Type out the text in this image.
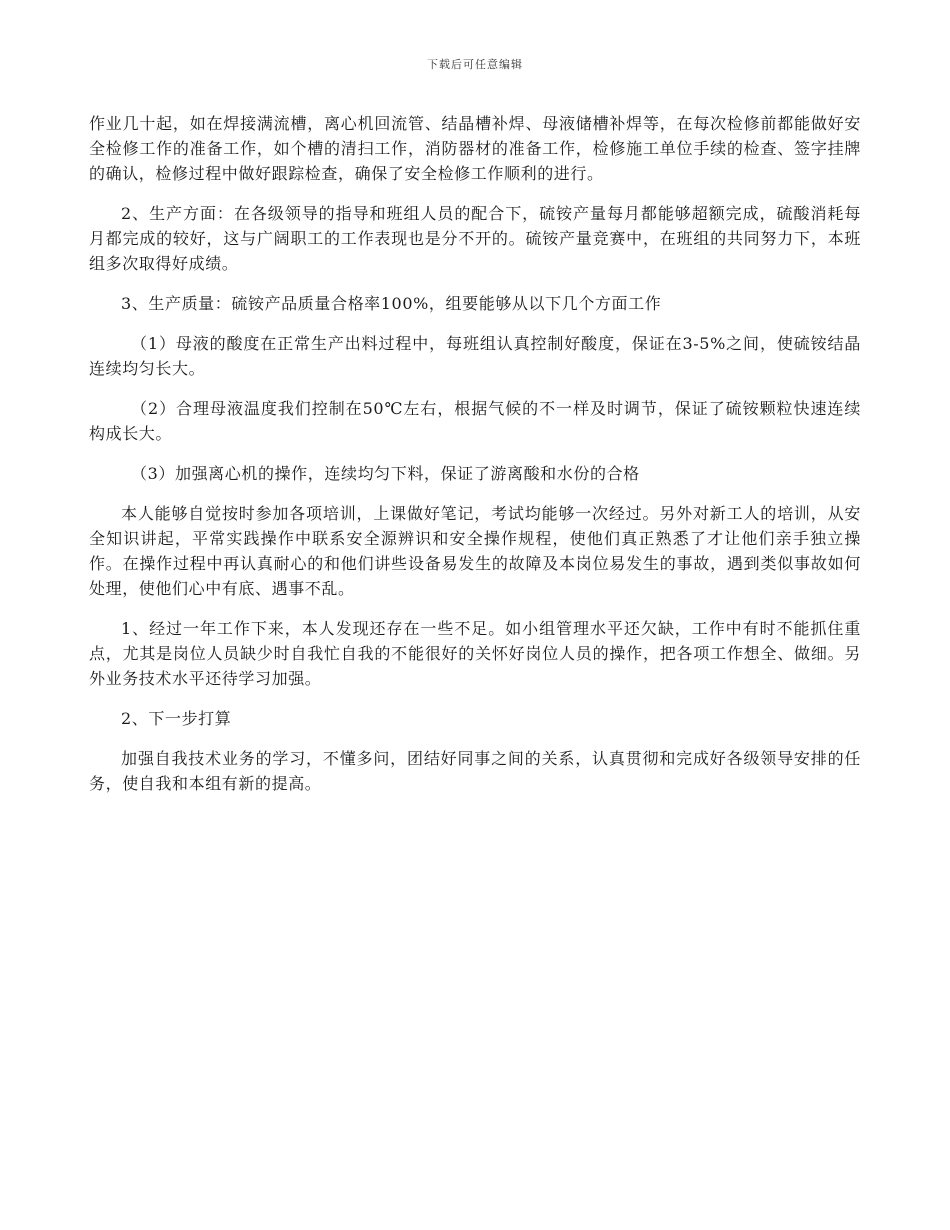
下载后可任意编辑

作业几十起，如在焊接满流槽，离心机回流管、结晶槽补焊、母液储槽补焊等，在每次检修前都能做好安全检修工作的准备工作，如个槽的清扫工作，消防器材的准备工作，检修施工单位手续的检查、签字挂牌的确认，检修过程中做好跟踪检查，确保了安全检修工作顺利的进行。

2、生产方面：在各级领导的指导和班组人员的配合下，硫铵产量每月都能够超额完成，硫酸消耗每月都完成的较好，这与广阔职工的工作表现也是分不开的。硫铵产量竞赛中，在班组的共同努力下，本班组多次取得好成绩。

3、生产质量：硫铵产品质量合格率100%，组要能够从以下几个方面工作

（1）母液的酸度在正常生产出料过程中，每班组认真控制好酸度，保证在3-5%之间，使硫铵结晶连续均匀长大。

（2）合理母液温度我们控制在50℃左右，根据气候的不一样及时调节，保证了硫铵颗粒快速连续构成长大。

（3）加强离心机的操作，连续均匀下料，保证了游离酸和水份的合格

本人能够自觉按时参加各项培训，上课做好笔记，考试均能够一次经过。另外对新工人的培训，从安全知识讲起，平常实践操作中联系安全源辨识和安全操作规程，使他们真正熟悉了才让他们亲手独立操作。在操作过程中再认真耐心的和他们讲些设备易发生的故障及本岗位易发生的事故，遇到类似事故如何处理，使他们心中有底、遇事不乱。

1、经过一年工作下来，本人发现还存在一些不足。如小组管理水平还欠缺，工作中有时不能抓住重点，尤其是岗位人员缺少时自我忙自我的不能很好的关怀好岗位人员的操作，把各项工作想全、做细。另外业务技术水平还待学习加强。

2、下一步打算

加强自我技术业务的学习，不懂多问，团结好同事之间的关系，认真贯彻和完成好各级领导安排的任务，使自我和本组有新的提高。
